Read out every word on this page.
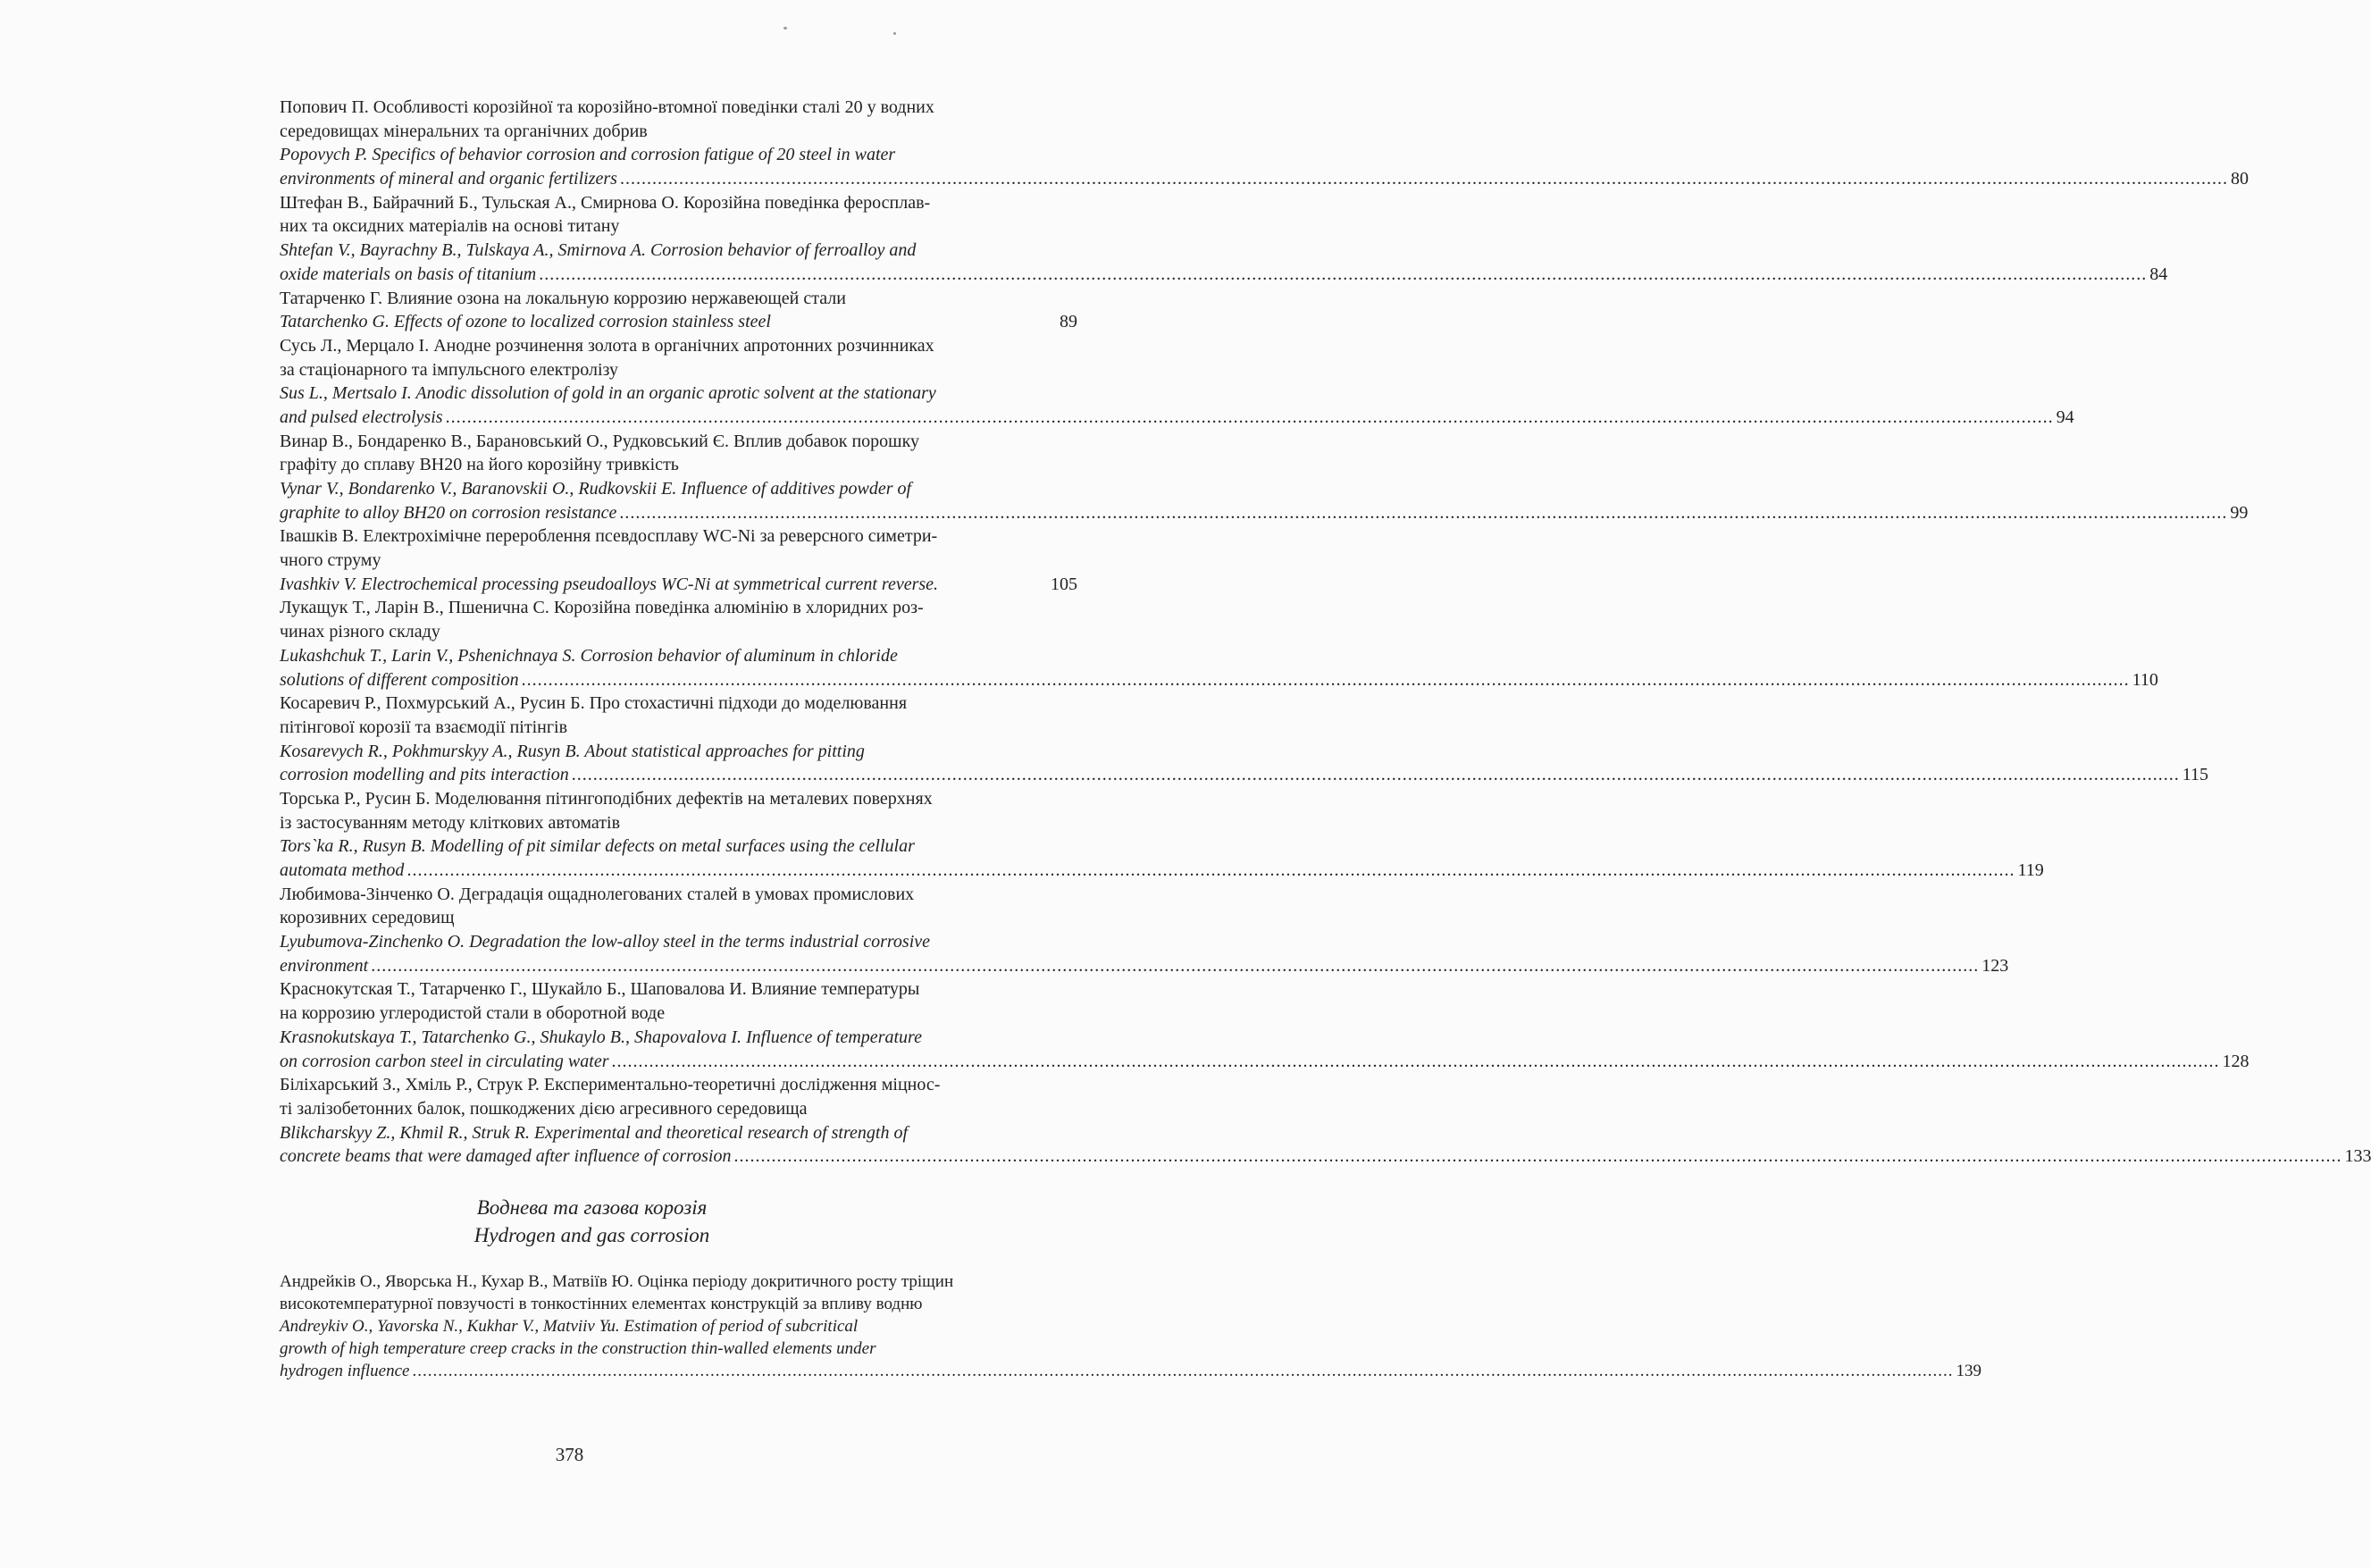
Попович П. Особливості корозійної та корозійно-втомної поведінки сталі 20 у водних
середовищах мінеральних та органічних добрив
Popovych P. Specifics of behavior corrosion and corrosion fatigue of 20 steel in water
environments of mineral and organic fertilizers ............................................................................................................................................................................................................................................................................................................ 80
Штефан В., Байрачний Б., Тульская А., Смирнова О. Корозійна поведінка феросплав-
них та оксидних матеріалів на основі титану
Shtefan V., Bayrachny B., Tulskaya A., Smirnova A. Corrosion behavior of ferroalloy and
oxide materials on basis of titanium ............................................................................................................................................................................................................................................................................................................ 84
Татарченко Г. Влияние озона на локальную коррозию нержавеющей стали
Tatarchenko G. Effects of ozone to localized corrosion stainless steel	89
Сусь Л., Мерцало І. Анодне розчинення золота в органічних апротонних розчинниках
за стаціонарного та імпульсного електролізу
Sus L., Mertsalo I. Anodic dissolution of gold in an organic aprotic solvent at the stationary
and pulsed electrolysis ............................................................................................................................................................................................................................................................................................................ 94
Винар В., Бондаренко В., Барановський О., Рудковський Є. Вплив добавок порошку
графіту до сплаву ВН20 на його корозійну тривкість
Vynar V., Bondarenko V., Baranovskii O., Rudkovskii E. Influence of additives powder of
graphite to alloy BH20 on corrosion resistance ............................................................................................................................................................................................................................................................................................................ 99
Івашків В. Електрохімічне перероблення псевдосплаву WC-Ni за реверсного симетри-
чного струму
Ivashkiv V. Electrochemical processing pseudoalloys WC-Ni at symmetrical current reverse.	105
Лукащук Т., Ларін В., Пшенична С. Корозійна поведінка алюмінію в хлоридних роз-
чинах різного складу
Lukashchuk T., Larin V., Pshenichnaya S. Corrosion behavior of aluminum in chloride
solutions of different composition ............................................................................................................................................................................................................................................................................................................ 110
Косаревич Р., Похмурський А., Русин Б. Про стохастичні підходи до моделювання
пітінгової корозії та взаємодії пітінгів
Kosarevych R., Pokhmurskyy A., Rusyn B. About statistical approaches for pitting
corrosion modelling and pits interaction ............................................................................................................................................................................................................................................................................................................ 115
Торська Р., Русин Б. Моделювання пітингоподібних дефектів на металевих поверхнях
із застосуванням методу кліткових автоматів
Tors`ka R., Rusyn B. Modelling of pit similar defects on metal surfaces using the cellular
automata method ............................................................................................................................................................................................................................................................................................................ 119
Любимова-Зінченко О. Деградація ощаднолегованих сталей в умовах промислових
корозивних середовищ
Lyubumova-Zinchenko O. Degradation the low-alloy steel in the terms industrial corrosive
environment ............................................................................................................................................................................................................................................................................................................ 123
Краснокутская Т., Татарченко Г., Шукайло Б., Шаповалова И. Влияние температуры
на коррозию углеродистой стали в оборотной воде
Krasnokutskaya T., Tatarchenko G., Shukaylo B., Shapovalova I. Influence of temperature
on corrosion carbon steel in circulating water ............................................................................................................................................................................................................................................................................................................ 128
Біліхарський З., Хміль Р., Струк Р. Експериментально-теоретичні дослідження міцнос-
ті залізобетонних балок, пошкоджених дією агресивного середовища
Blikcharskyy Z., Khmil R., Struk R. Experimental and theoretical research of strength of
concrete beams that were damaged after influence of corrosion ............................................................................................................................................................................................................................................................................................................ 133
Воднева та газова корозія
Hydrogen and gas corrosion
Андрейків О., Яворська Н., Кухар В., Матвіїв Ю. Оцінка періоду докритичного росту тріщин
високотемпературної повзучості в тонкостінних елементах конструкцій за впливу водню
Andreykiv O., Yavorska N., Kukhar V., Matviiv Yu. Estimation of period of subcritical
growth of high temperature creep cracks in the construction thin-walled elements under
hydrogen influence ............................................................................................................................................................................................................................................................................................................ 139
378
